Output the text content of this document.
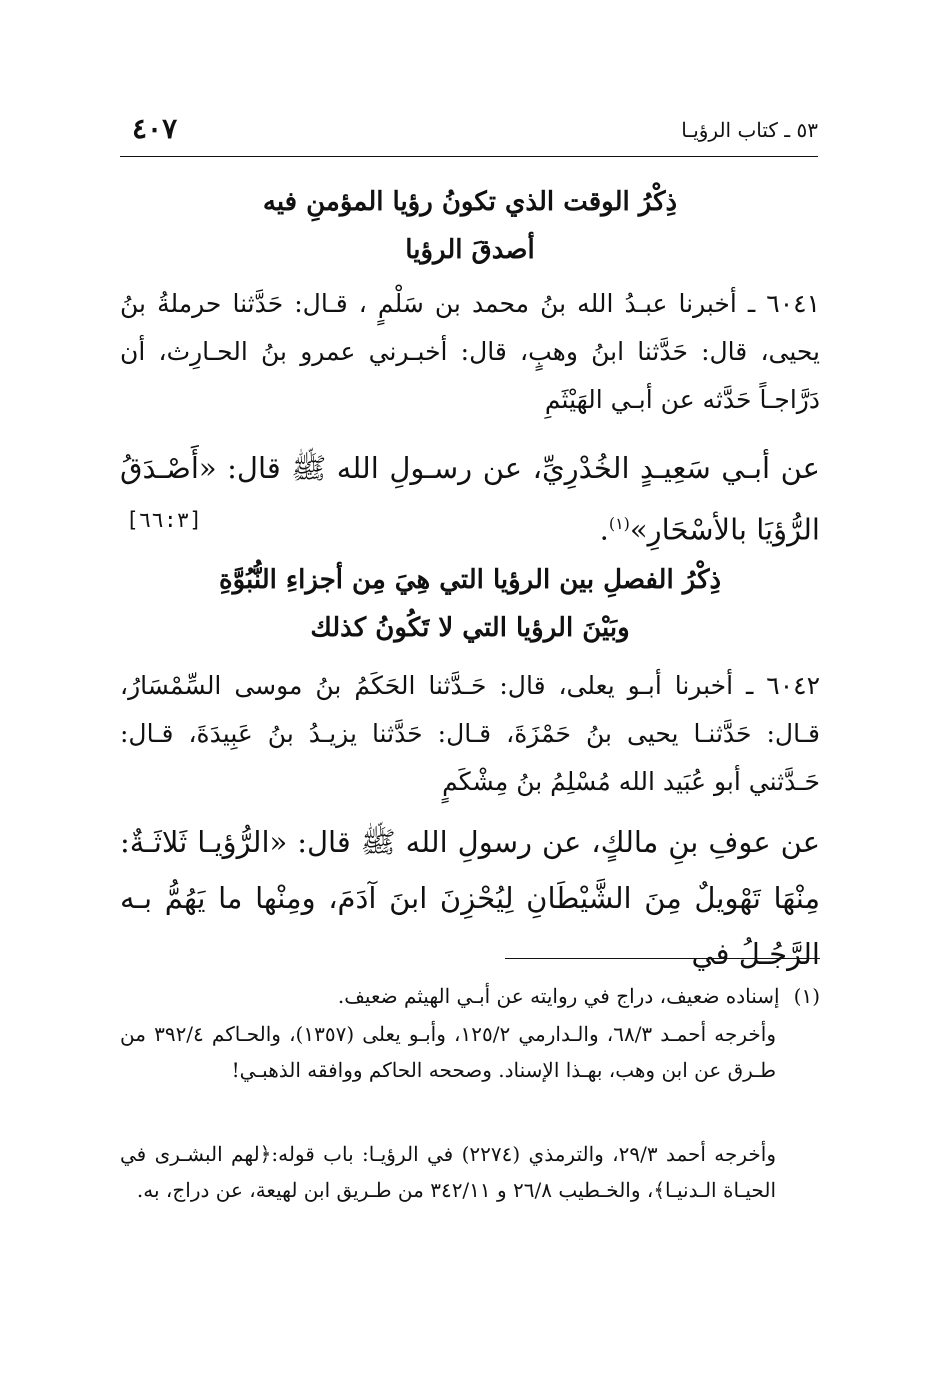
٥٣ ـ كتاب الرؤيـا
٤٠٧
ذِكْرُ الوقت الذي تكونُ رؤيا المؤمنِ فيه
أصدقَ الرؤيا
٦٠٤١ ـ أخبرنا عبـدُ الله بنُ محمد بن سَلْمٍ ، قـال: حَدَّثنا حرملةُ بنُ يحيى، قال: حَدَّثنا ابنُ وهبٍ، قال: أخبـرني عمرو بنُ الحـارِث، أن دَرَّاجـاً حَدَّثه عن أبـي الهَيْثَمِ
عن أبـي سَعِيـدٍ الخُدْرِيِّ، عن رسـولِ الله ﷺ قال: «أَصْـدَقُ الرُّؤيَا بالأسْحَارِ»$^{(١)}$.
[٦٦:٣]
ذِكْرُ الفصلِ بين الرؤيا التي هِيَ مِن أجزاءِ النُّبُوَّةِ
وبَيْنَ الرؤيا التي لا تَكُونُ كذلك
٦٠٤٢ ـ أخبرنا أبـو يعلى، قال: حَـدَّثنا الحَكَمُ بنُ موسى السِّمْسَارُ، قـال: حَدَّثنـا يحيى بنُ حَمْزَةَ، قـال: حَدَّثنا يزيـدُ بنُ عَبِيدَةَ، قـال: حَـدَّثني أبو عُبَيد الله مُسْلِمُ بنُ مِشْكَمٍ
عن عوفِ بنِ مالكٍ، عن رسولِ الله ﷺ قال: «الرُّؤيـا ثَلاثَـةٌ: مِنْهَا تَهْويلٌ مِنَ الشَّيْطَانِ لِيُحْزِنَ ابنَ آدَمَ، ومِنْها ما يَهُمُّ بـه الرَّجُـلُ في
(١)إسناده ضعيف، دراج في روايته عن أبـي الهيثم ضعيف.
وأخرجه أحمـد ٦٨/٣، والـدارمي ١٢٥/٢، وأبـو يعلى (١٣٥٧)، والحـاكم ٣٩٢/٤ من طـرق عن ابن وهب، بهـذا الإسناد. وصححه الحاكم ووافقه الذهبـي!
وأخرجه أحمد ٢٩/٣، والترمذي (٢٢٧٤) في الرؤيـا: باب قوله:﴿لهم البشـرى في الحيـاة الـدنيـا﴾، والخـطيب ٢٦/٨ و ٣٤٢/١١ من طـريق ابن لهيعة، عن دراج، به.
